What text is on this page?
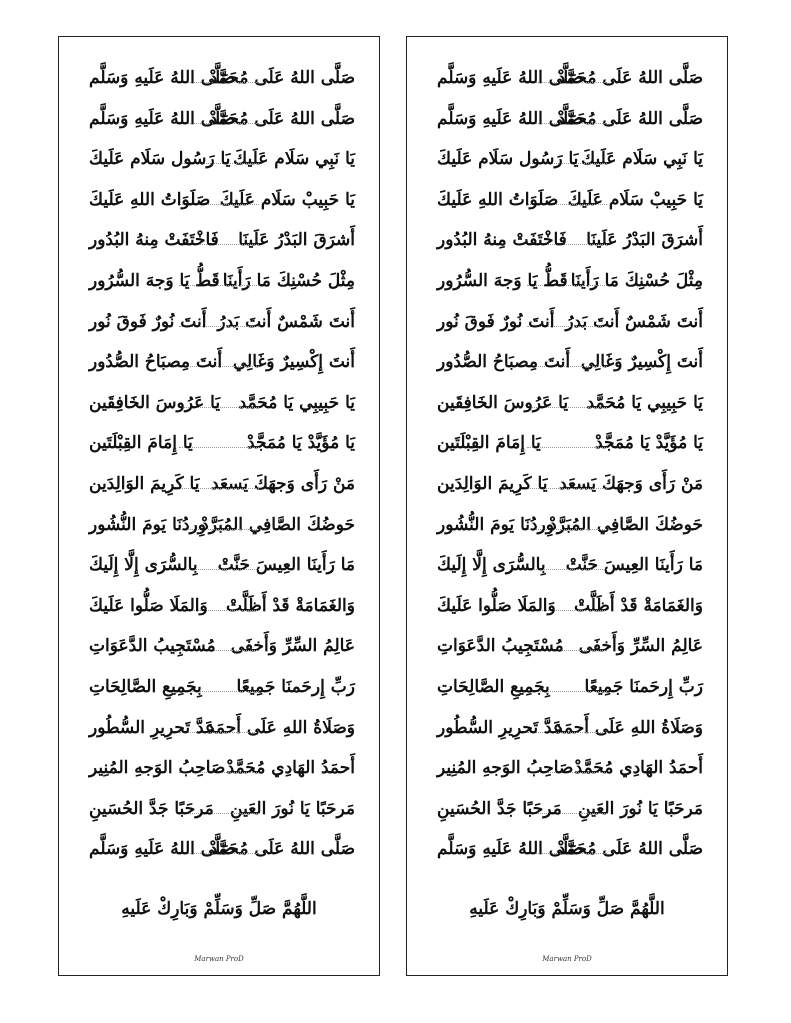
صَلَّى اللهُ عَلَى مُحَمَّدْ
صَلَّى اللهُ عَلَيهِ وَسَلَّم
صَلَّى اللهُ عَلَى مُحَمَّدْ
صَلَّى اللهُ عَلَيهِ وَسَلَّم
يَا نَبِي سَلَام عَلَيكَ
يَا رَسُول سَلَام عَلَيكَ
يَا حَبِيبْ سَلَام عَلَيكَ
صَلَوَاتُ اللهِ عَلَيكَ
أَشرَقَ البَدْرُ عَلَينَا
فَاخْتَفَتْ مِنهُ البُدُور
مِثْلَ حُسْنِكَ مَا رَأَينَا
قَطُّ يَا وَجهَ السُّرُور
أَنتَ شَمْسٌ أَنتَ بَدرُ
أَنتَ نُورٌ فَوقَ نُور
أَنتَ إِكْسِيرٌ وَغَالِي
أَنتَ مِصبَاحُ الصُّدُور
يَا حَبِيبِي يَا مُحَمَّد
يَا عَرُوسَ الخَافِقَين
يَا مُؤَيَّدْ يَا مُمَجَّدْ
يَا إِمَامَ القِبْلَتَين
مَنْ رَأَى وَجهَكَ يَسعَد
يَا كَرِيمَ الوَالِدَين
حَوضُكَ الصَّافِي المُبَرَّدْ
وِردُنَا يَومَ النُّشُور
مَا رَأَينَا العِيسَ حَنَّتْ
بِالسُّرَى إِلَّا إِلَيكَ
وَالغَمَامَةْ قَدْ أَظَلَّتْ
وَالمَلَا صَلُّوا عَلَيكَ
عَالِمُ السِّرِّ وَأَخفَى
مُسْتَجِيبُ الدَّعَوَاتِ
رَبِّ إِرحَمنَا جَمِيعًا
بِجَمِيعِ الصَّالِحَاتِ
وَصَلَاةُ اللهِ عَلَى أَحمَد
عَدَّ تَحرِيرِ السُّطُور
أَحمَدُ الهَادِي مُحَمَّدْ
صَاحِبُ الوَجهِ المُنِير
مَرحَبًا يَا نُورَ العَينِ
مَرحَبًا جَدَّ الحُسَينِ
صَلَّى اللهُ عَلَى مُحَمَّدْ
صَلَّى اللهُ عَلَيهِ وَسَلَّم
اللَّهُمَّ صَلِّ وَسَلِّمْ وَبَارِكْ عَلَيهِ
Marwan ProD
صَلَّى اللهُ عَلَى مُحَمَّدْ
صَلَّى اللهُ عَلَيهِ وَسَلَّم
صَلَّى اللهُ عَلَى مُحَمَّدْ
صَلَّى اللهُ عَلَيهِ وَسَلَّم
يَا نَبِي سَلَام عَلَيكَ
يَا رَسُول سَلَام عَلَيكَ
يَا حَبِيبْ سَلَام عَلَيكَ
صَلَوَاتُ اللهِ عَلَيكَ
أَشرَقَ البَدْرُ عَلَينَا
فَاخْتَفَتْ مِنهُ البُدُور
مِثْلَ حُسْنِكَ مَا رَأَينَا
قَطُّ يَا وَجهَ السُّرُور
أَنتَ شَمْسٌ أَنتَ بَدرُ
أَنتَ نُورٌ فَوقَ نُور
أَنتَ إِكْسِيرٌ وَغَالِي
أَنتَ مِصبَاحُ الصُّدُور
يَا حَبِيبِي يَا مُحَمَّد
يَا عَرُوسَ الخَافِقَين
يَا مُؤَيَّدْ يَا مُمَجَّدْ
يَا إِمَامَ القِبْلَتَين
مَنْ رَأَى وَجهَكَ يَسعَد
يَا كَرِيمَ الوَالِدَين
حَوضُكَ الصَّافِي المُبَرَّدْ
وِردُنَا يَومَ النُّشُور
مَا رَأَينَا العِيسَ حَنَّتْ
بِالسُّرَى إِلَّا إِلَيكَ
وَالغَمَامَةْ قَدْ أَظَلَّتْ
وَالمَلَا صَلُّوا عَلَيكَ
عَالِمُ السِّرِّ وَأَخفَى
مُسْتَجِيبُ الدَّعَوَاتِ
رَبِّ إِرحَمنَا جَمِيعًا
بِجَمِيعِ الصَّالِحَاتِ
وَصَلَاةُ اللهِ عَلَى أَحمَد
عَدَّ تَحرِيرِ السُّطُور
أَحمَدُ الهَادِي مُحَمَّدْ
صَاحِبُ الوَجهِ المُنِير
مَرحَبًا يَا نُورَ العَينِ
مَرحَبًا جَدَّ الحُسَينِ
صَلَّى اللهُ عَلَى مُحَمَّدْ
صَلَّى اللهُ عَلَيهِ وَسَلَّم
اللَّهُمَّ صَلِّ وَسَلِّمْ وَبَارِكْ عَلَيهِ
Marwan ProD
